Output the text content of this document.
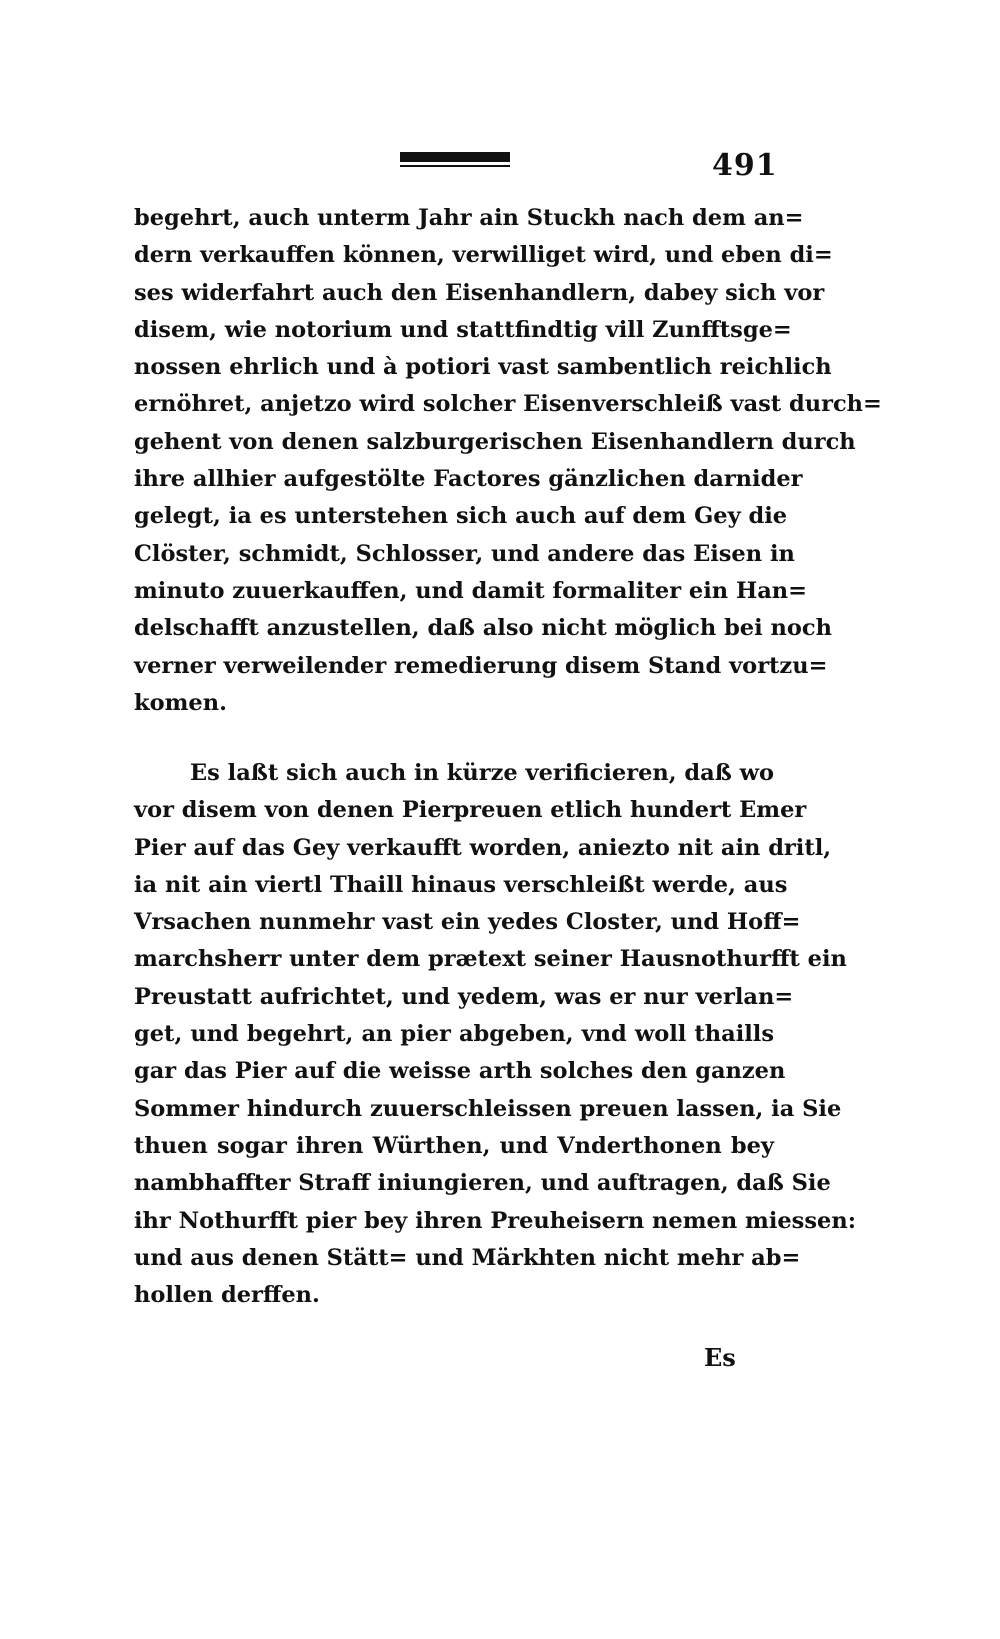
491
begehrt, auch unterm Jahr ain Stuckh nach dem an=
dern verkauffen können, verwilliget wird, und eben di=
ses widerfahrt auch den Eisenhandlern, dabey sich vor
disem, wie notorium und stattfindtig vill Zunfftsge=
nossen ehrlich und à potiori vast sambentlich reichlich
ernöhret, anjetzo wird solcher Eisenverschleiß vast durch=
gehent von denen salzburgerischen Eisenhandlern durch
ihre allhier aufgestölte Factores gänzlichen darnider
gelegt, ia es unterstehen sich auch auf dem Gey die
Clöster, schmidt, Schlosser, und andere das Eisen in
minuto zuuerkauffen, und damit formaliter ein Han=
delschafft anzustellen, daß also nicht möglich bei noch
verner verweilender remedierung disem Stand vortzu=
komen.
Es laßt sich auch in kürze verificieren, daß wo
vor disem von denen Pierpreuen etlich hundert Emer
Pier auf das Gey verkaufft worden, aniezto nit ain dritl,
ia nit ain viertl Thaill hinaus verschleißt werde, aus
Vrsachen nunmehr vast ein yedes Closter, und Hoff=
marchsherr unter dem prætext seiner Hausnothurfft ein
Preustatt aufrichtet, und yedem, was er nur verlan=
get, und begehrt, an pier abgeben, vnd woll thaills
gar das Pier auf die weisse arth solches den ganzen
Sommer hindurch zuuerschleissen preuen lassen, ia Sie
thuen sogar ihren Würthen, und Vnderthonen bey
nambhaffter Straff iniungieren, und auftragen, daß Sie
ihr Nothurfft pier bey ihren Preuheisern nemen miessen:
und aus denen Stätt= und Märkhten nicht mehr ab=
hollen derffen.
Es
